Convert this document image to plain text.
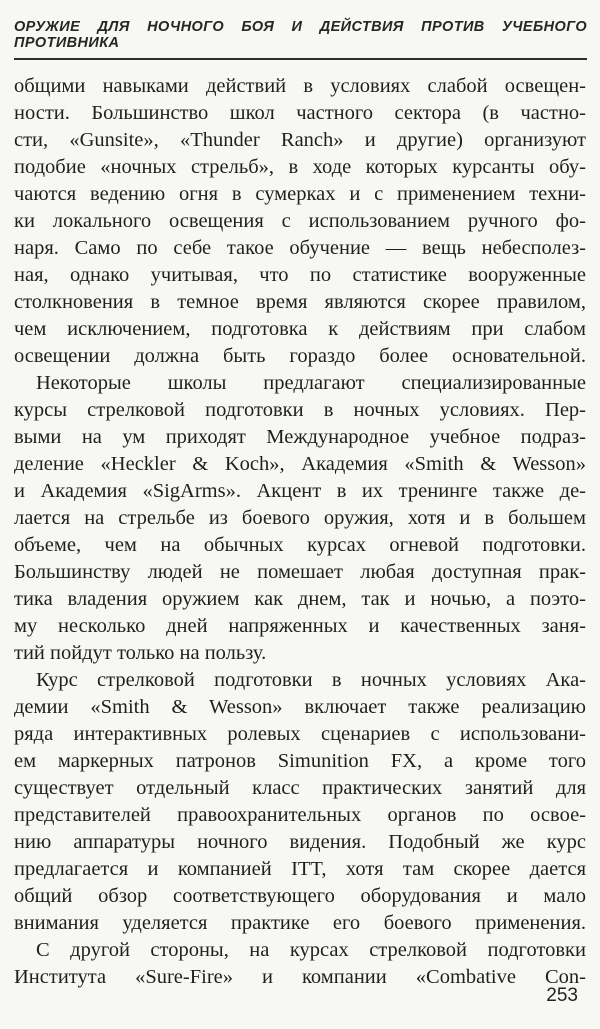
ОРУЖИЕ ДЛЯ НОЧНОГО БОЯ И ДЕЙСТВИЯ ПРОТИВ УЧЕБНОГО ПРОТИВНИКА
общими навыками действий в условиях слабой освещен-
ности. Большинство школ частного сектора (в частно-
сти, «Gunsite», «Thunder Ranch» и другие) организуют
подобие «ночных стрельб», в ходе которых курсанты обу-
чаются ведению огня в сумерках и с применением техни-
ки локального освещения с использованием ручного фо-
наря. Само по себе такое обучение — вещь небесполез-
ная, однако учитывая, что по статистике вооруженные
столкновения в темное время являются скорее правилом,
чем исключением, подготовка к действиям при слабом
освещении должна быть гораздо более основательной.
Некоторые школы предлагают специализированные
курсы стрелковой подготовки в ночных условиях. Пер-
выми на ум приходят Международное учебное подраз-
деление «Heckler & Koch», Академия «Smith & Wesson»
и Академия «SigArms». Акцент в их тренинге также де-
лается на стрельбе из боевого оружия, хотя и в большем
объеме, чем на обычных курсах огневой подготовки.
Большинству людей не помешает любая доступная прак-
тика владения оружием как днем, так и ночью, а поэто-
му несколько дней напряженных и качественных заня-
тий пойдут только на пользу.
Курс стрелковой подготовки в ночных условиях Ака-
демии «Smith & Wesson» включает также реализацию
ряда интерактивных ролевых сценариев с использовани-
ем маркерных патронов Simunition FX, а кроме того
существует отдельный класс практических занятий для
представителей правоохранительных органов по освое-
нию аппаратуры ночного видения. Подобный же курс
предлагается и компанией ITT, хотя там скорее дается
общий обзор соответствующего оборудования и мало
внимания уделяется практике его боевого применения.
С другой стороны, на курсах стрелковой подготовки
Института «Sure-Fire» и компании «Combative Con-
253
